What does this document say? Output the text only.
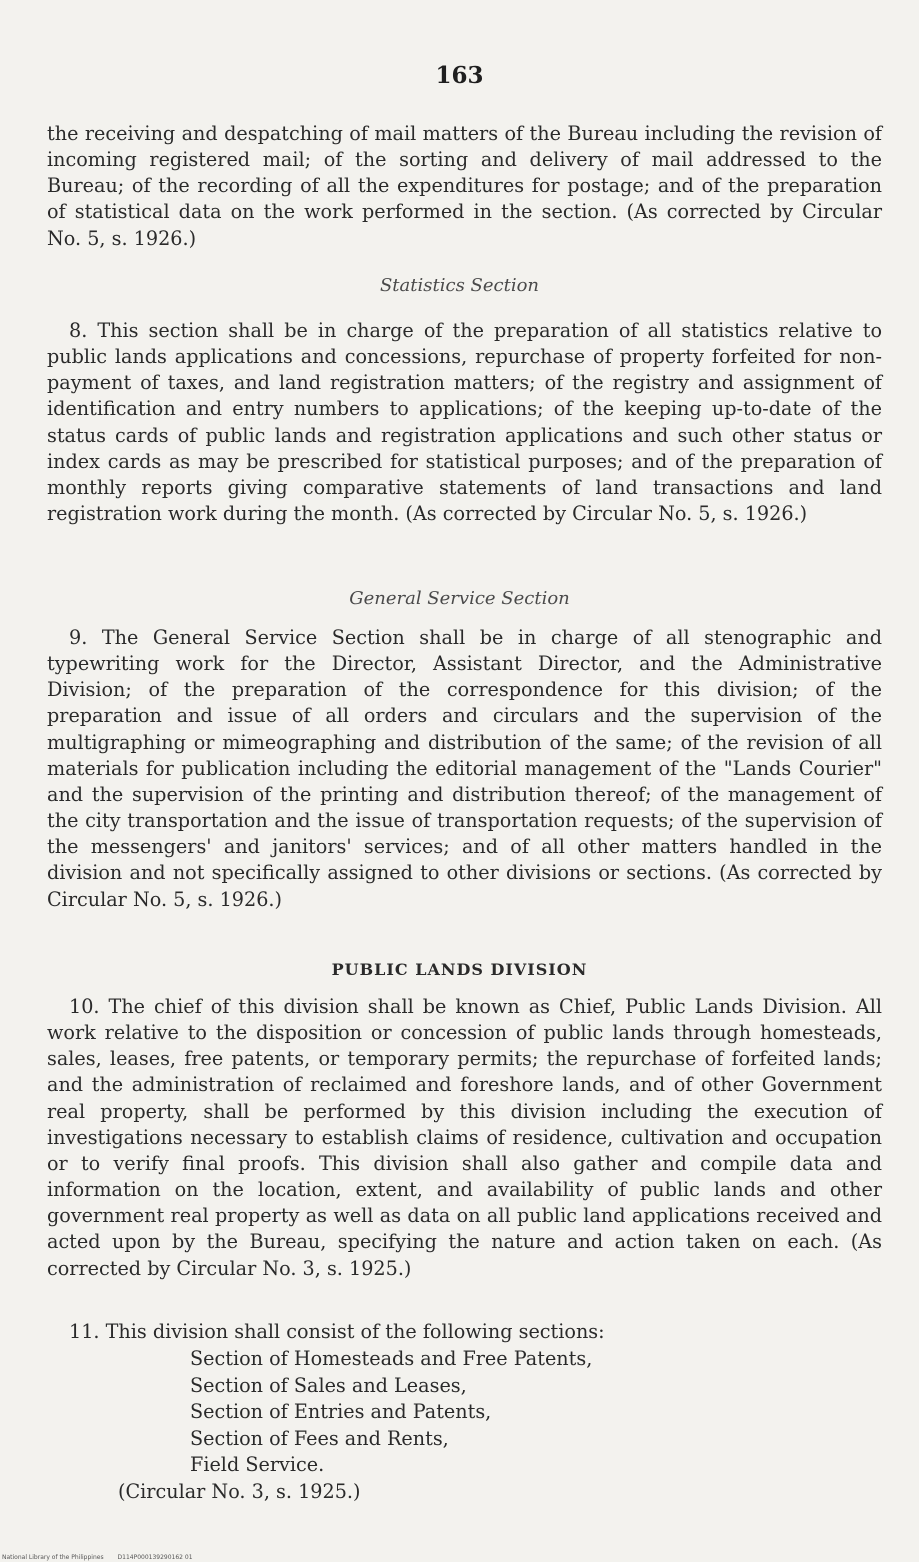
163
the receiving and despatching of mail matters of the Bureau including the revision of incoming registered mail; of the sorting and delivery of mail addressed to the Bureau; of the recording of all the expenditures for postage; and of the preparation of statistical data on the work performed in the section. (As corrected by Circular No. 5, s. 1926.)
Statistics Section
8. This section shall be in charge of the preparation of all statistics relative to public lands applications and concessions, repurchase of property forfeited for non-payment of taxes, and land registration matters; of the registry and assignment of identification and entry numbers to applications; of the keeping up-to-date of the status cards of public lands and registration applications and such other status or index cards as may be prescribed for statistical purposes; and of the preparation of monthly reports giving comparative statements of land transactions and land registration work during the month. (As corrected by Circular No. 5, s. 1926.)
General Service Section
9. The General Service Section shall be in charge of all stenographic and typewriting work for the Director, Assistant Director, and the Administrative Division; of the preparation of the correspondence for this division; of the preparation and issue of all orders and circulars and the supervision of the multigraphing or mimeographing and distribution of the same; of the revision of all materials for publication including the editorial management of the "Lands Courier" and the supervision of the printing and distribution thereof; of the management of the city transportation and the issue of transportation requests; of the supervision of the messengers' and janitors' services; and of all other matters handled in the division and not specifically assigned to other divisions or sections. (As corrected by Circular No. 5, s. 1926.)
PUBLIC LANDS DIVISION
10. The chief of this division shall be known as Chief, Public Lands Division. All work relative to the disposition or concession of public lands through homesteads, sales, leases, free patents, or temporary permits; the repurchase of forfeited lands; and the administration of reclaimed and foreshore lands, and of other Government real property, shall be performed by this division including the execution of investigations necessary to establish claims of residence, cultivation and occupation or to verify final proofs. This division shall also gather and compile data and information on the location, extent, and availability of public lands and other government real property as well as data on all public land applications received and acted upon by the Bureau, specifying the nature and action taken on each. (As corrected by Circular No. 3, s. 1925.)
11. This division shall consist of the following sections:
Section of Homesteads and Free Patents,
Section of Sales and Leases,
Section of Entries and Patents,
Section of Fees and Rents,
Field Service.
(Circular No. 3, s. 1925.)
National Library of the Philippines D114P000139290162 01
